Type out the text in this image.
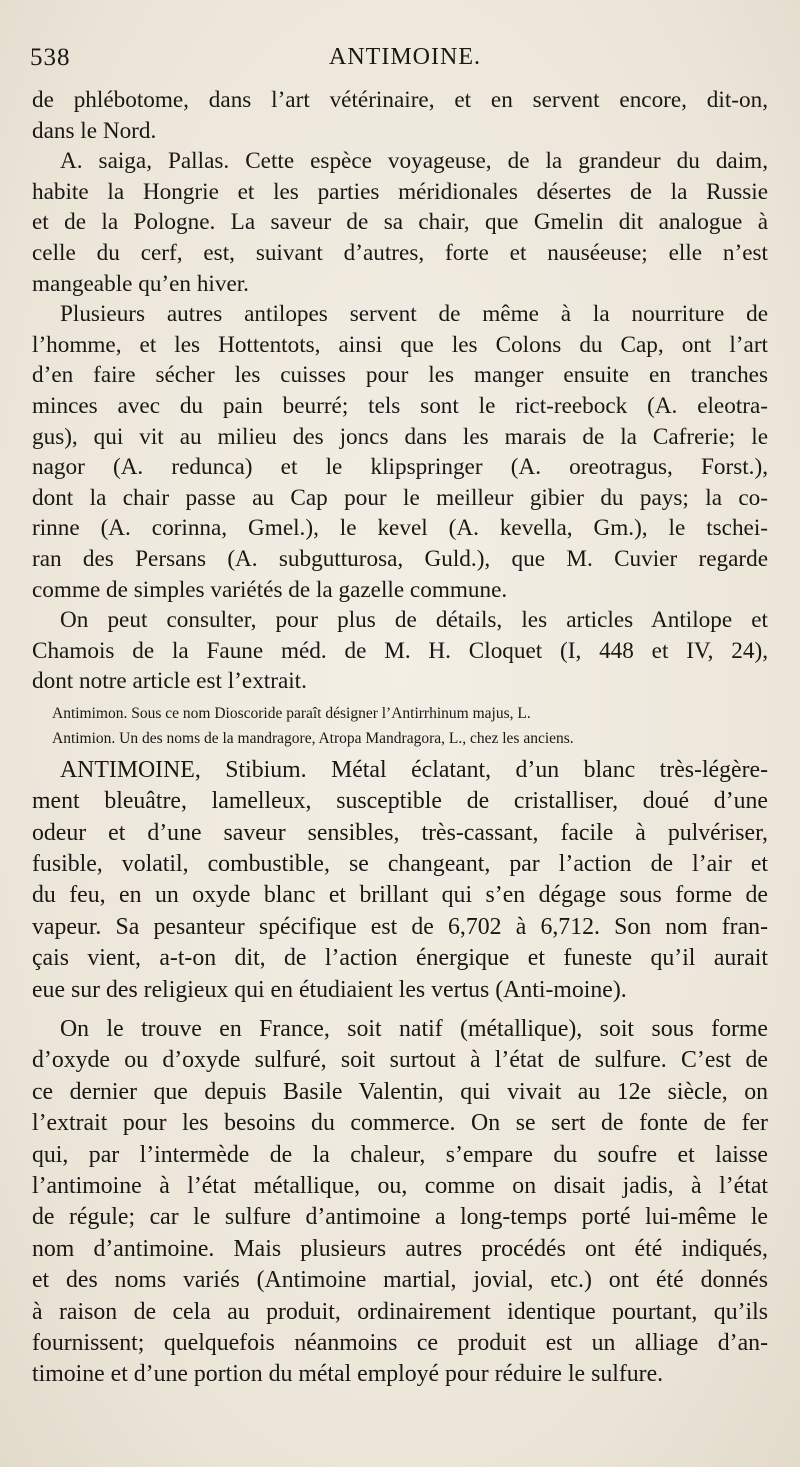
538	ANTIMOINE.
de phlébotome, dans l’art vétérinaire, et en servent encore, dit-on,
dans le Nord.
A. saiga, Pallas. Cette espèce voyageuse, de la grandeur du daim,
habite la Hongrie et les parties méridionales désertes de la Russie
et de la Pologne. La saveur de sa chair, que Gmelin dit analogue à
celle du cerf, est, suivant d’autres, forte et nauséeuse; elle n’est
mangeable qu’en hiver.
Plusieurs autres antilopes servent de même à la nourriture de
l’homme, et les Hottentots, ainsi que les Colons du Cap, ont l’art
d’en faire sécher les cuisses pour les manger ensuite en tranches
minces avec du pain beurré; tels sont le rict-reebock (A. eleotra-
gus), qui vit au milieu des joncs dans les marais de la Cafrerie; le
nagor (A. redunca) et le klipspringer (A. oreotragus, Forst.),
dont la chair passe au Cap pour le meilleur gibier du pays; la co-
rinne (A. corinna, Gmel.), le kevel (A. kevella, Gm.), le tschei-
ran des Persans (A. subgutturosa, Guld.), que M. Cuvier regarde
comme de simples variétés de la gazelle commune.
On peut consulter, pour plus de détails, les articles Antilope et
Chamois de la Faune méd. de M. H. Cloquet (I, 448 et IV, 24),
dont notre article est l’extrait.
Antimimon. Sous ce nom Dioscoride paraît désigner l’Antirrhinum majus, L.
Antimion. Un des noms de la mandragore, Atropa Mandragora, L., chez les anciens.
ANTIMOINE, Stibium. Métal éclatant, d’un blanc très-légère-
ment bleuâtre, lamelleux, susceptible de cristalliser, doué d’une
odeur et d’une saveur sensibles, très-cassant, facile à pulvériser,
fusible, volatil, combustible, se changeant, par l’action de l’air et
du feu, en un oxyde blanc et brillant qui s’en dégage sous forme de
vapeur. Sa pesanteur spécifique est de 6,702 à 6,712. Son nom fran-
çais vient, a-t-on dit, de l’action énergique et funeste qu’il aurait
eue sur des religieux qui en étudiaient les vertus (Anti-moine).
On le trouve en France, soit natif (métallique), soit sous forme
d’oxyde ou d’oxyde sulfuré, soit surtout à l’état de sulfure. C’est de
ce dernier que depuis Basile Valentin, qui vivait au 12e siècle, on
l’extrait pour les besoins du commerce. On se sert de fonte de fer
qui, par l’intermède de la chaleur, s’empare du soufre et laisse
l’antimoine à l’état métallique, ou, comme on disait jadis, à l’état
de régule; car le sulfure d’antimoine a long-temps porté lui-même le
nom d’antimoine. Mais plusieurs autres procédés ont été indiqués,
et des noms variés (Antimoine martial, jovial, etc.) ont été donnés
à raison de cela au produit, ordinairement identique pourtant, qu’ils
fournissent; quelquefois néanmoins ce produit est un alliage d’an-
timoine et d’une portion du métal employé pour réduire le sulfure.
